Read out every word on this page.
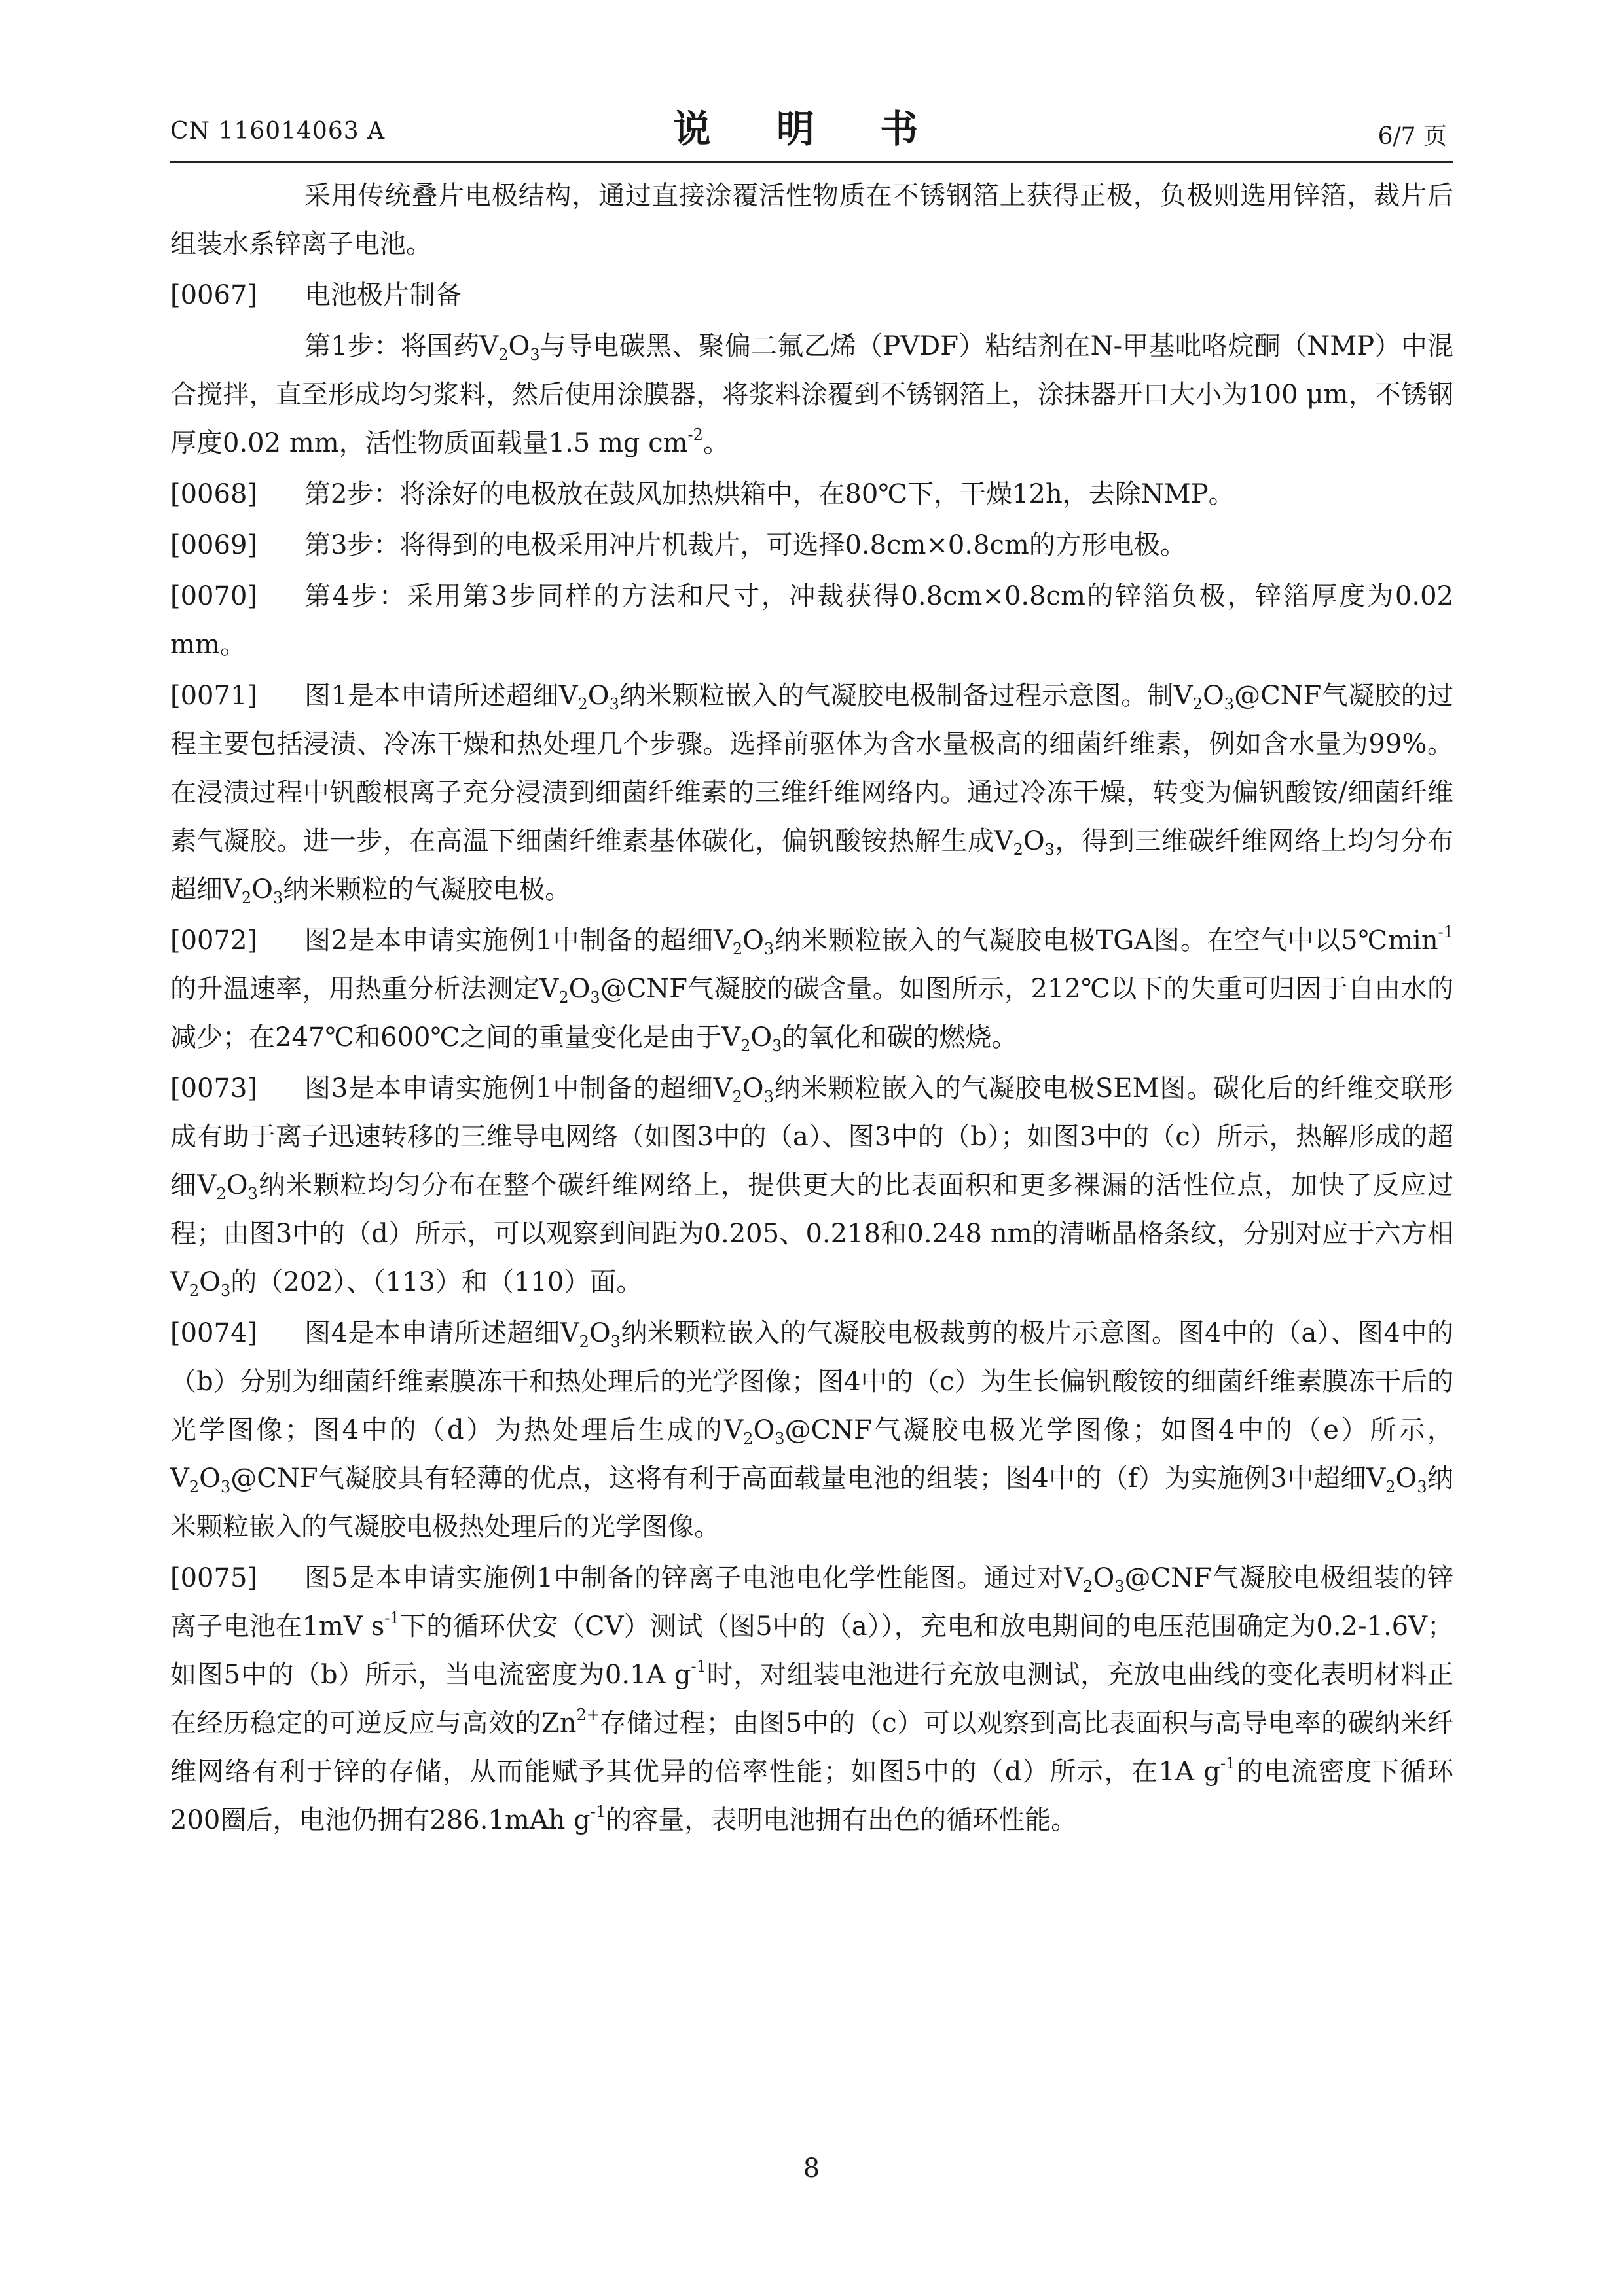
CN 116014063 A	说 明 书	6/7 页
采用传统叠片电极结构，通过直接涂覆活性物质在不锈钢箔上获得正极，负极则选用锌箔，裁片后组装水系锌离子电池。
[0067]	电池极片制备
第1步：将国药$V_2O_3$与导电碳黑、聚偏二氟乙烯（PVDF）粘结剂在N-甲基吡咯烷酮（NMP）中混合搅拌，直至形成均匀浆料，然后使用涂膜器，将浆料涂覆到不锈钢箔上，涂抹器开口大小为100 μm，不锈钢厚度0.02 mm，活性物质面载量1.5 mg $cm^{-2}$。
[0068]	第2步：将涂好的电极放在鼓风加热烘箱中，在80℃下，干燥12h，去除NMP。
[0069]	第3步：将得到的电极采用冲片机裁片，可选择0.8cm×0.8cm的方形电极。
[0070]	第4步：采用第3步同样的方法和尺寸，冲裁获得0.8cm×0.8cm的锌箔负极，锌箔厚度为0.02 mm。
[0071]	图1是本申请所述超细$V_2O_3$纳米颗粒嵌入的气凝胶电极制备过程示意图。制$V_2O_3@CNF$气凝胶的过程主要包括浸渍、冷冻干燥和热处理几个步骤。选择前驱体为含水量极高的细菌纤维素，例如含水量为99%。在浸渍过程中钒酸根离子充分浸渍到细菌纤维素的三维纤维网络内。通过冷冻干燥，转变为偏钒酸铵/细菌纤维素气凝胶。进一步，在高温下细菌纤维素基体碳化，偏钒酸铵热解生成$V_2O_3$，得到三维碳纤维网络上均匀分布超细$V_2O_3$纳米颗粒的气凝胶电极。
[0072]	图2是本申请实施例1中制备的超细$V_2O_3$纳米颗粒嵌入的气凝胶电极TGA图。在空气中以$5℃\min^{-1}$的升温速率，用热重分析法测定$V_2O_3@CNF$气凝胶的碳含量。如图所示，212℃以下的失重可归因于自由水的减少；在247℃和600℃之间的重量变化是由于$V_2O_3$的氧化和碳的燃烧。
[0073]	图3是本申请实施例1中制备的超细$V_2O_3$纳米颗粒嵌入的气凝胶电极SEM图。碳化后的纤维交联形成有助于离子迅速转移的三维导电网络（如图3中的（a）、图3中的（b）；如图3中的（c）所示，热解形成的超细$V_2O_3$纳米颗粒均匀分布在整个碳纤维网络上，提供更大的比表面积和更多裸漏的活性位点，加快了反应过程；由图3中的（d）所示，可以观察到间距为0.205、0.218和0.248 nm的清晰晶格条纹，分别对应于六方相$V_2O_3$的（202）、（113）和（110）面。
[0074]	图4是本申请所述超细$V_2O_3$纳米颗粒嵌入的气凝胶电极裁剪的极片示意图。图4中的（a）、图4中的（b）分别为细菌纤维素膜冻干和热处理后的光学图像；图4中的（c）为生长偏钒酸铵的细菌纤维素膜冻干后的光学图像；图4中的（d）为热处理后生成的$V_2O_3@CNF$气凝胶电极光学图像；如图4中的（e）所示，$V_2O_3@CNF$气凝胶具有轻薄的优点，这将有利于高面载量电池的组装；图4中的（f）为实施例3中超细$V_2O_3$纳米颗粒嵌入的气凝胶电极热处理后的光学图像。
[0075]	图5是本申请实施例1中制备的锌离子电池电化学性能图。通过对$V_2O_3@CNF$气凝胶电极组装的锌离子电池在1mV $s^{-1}$下的循环伏安（CV）测试（图5中的（a）），充电和放电期间的电压范围确定为0.2-1.6V；如图5中的（b）所示，当电流密度为0.1A $g^{-1}$时，对组装电池进行充放电测试，充放电曲线的变化表明材料正在经历稳定的可逆反应与高效的$Zn^{2+}$存储过程；由图5中的（c）可以观察到高比表面积与高导电率的碳纳米纤维网络有利于锌的存储，从而能赋予其优异的倍率性能；如图5中的（d）所示，在1A $g^{-1}$的电流密度下循环200圈后，电池仍拥有286.1mAh $g^{-1}$的容量，表明电池拥有出色的循环性能。
8
